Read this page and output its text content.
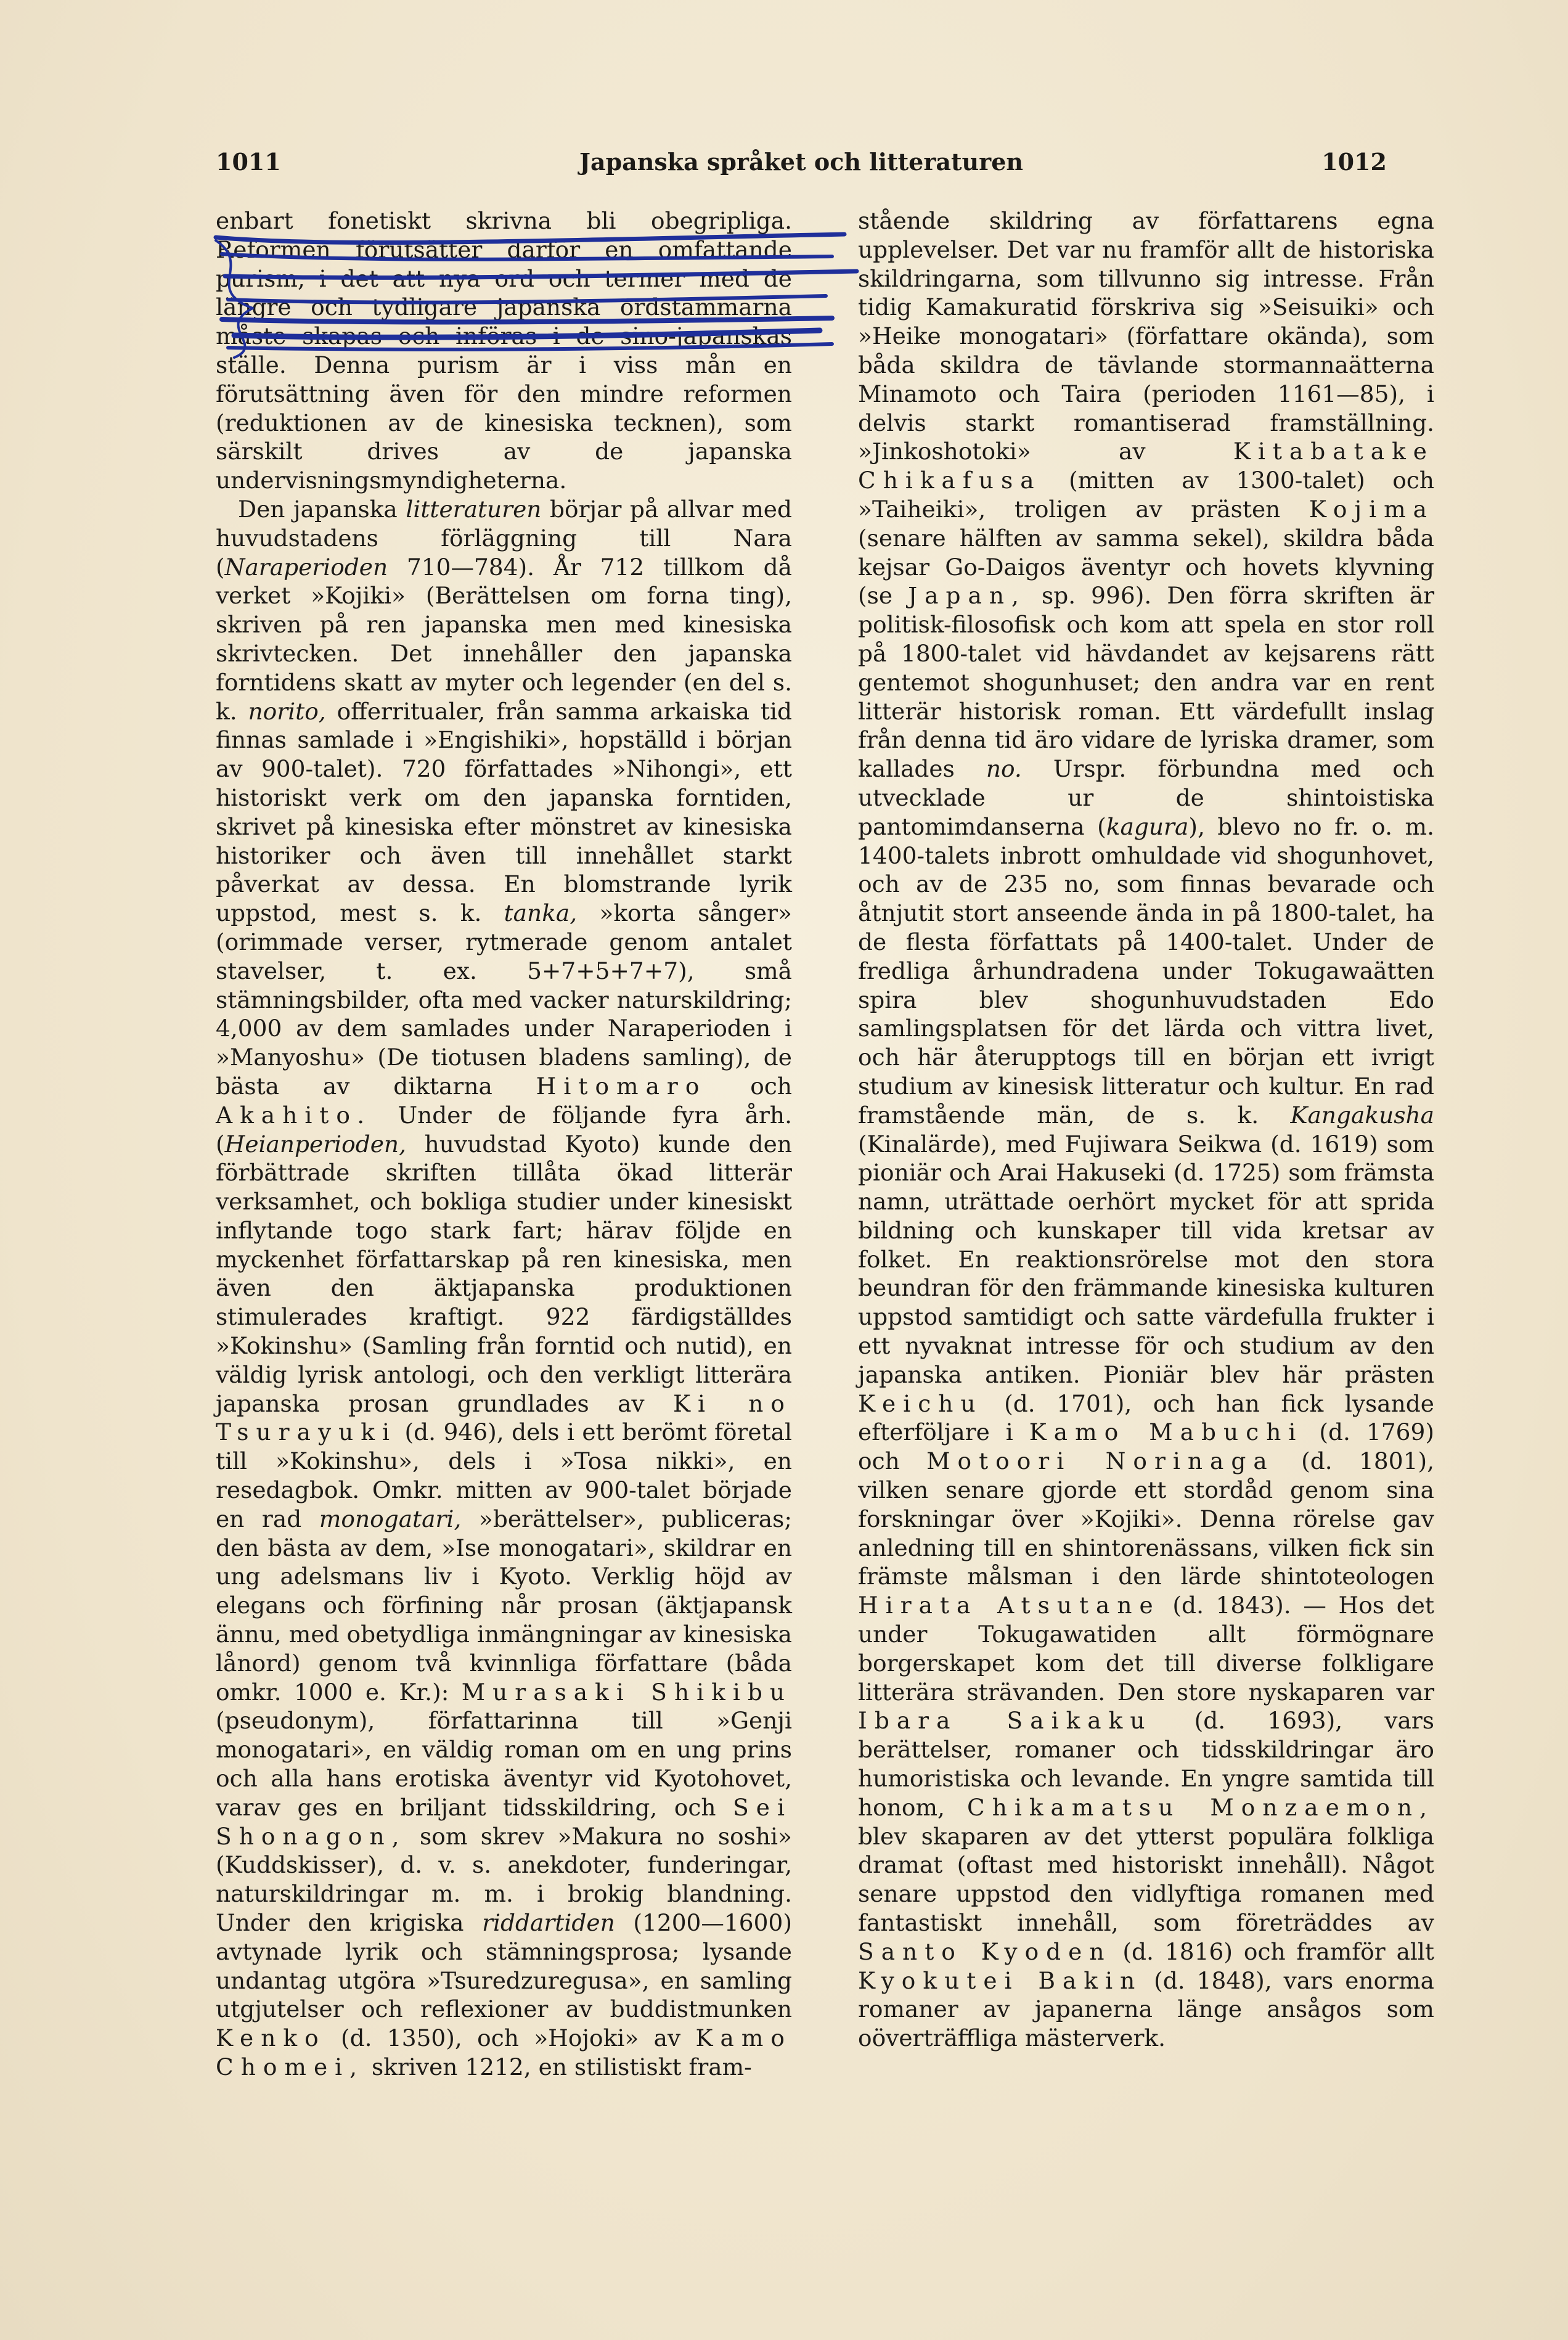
1011	Japanska språket och litteraturen	1012

enbart fonetiskt skrivna bli obegripliga. Reformen förutsätter därför en omfattande purism, i det att nya ord och termer med de längre och tydligare japanska ordstammarna måste skapas och införas i de sino-japanskas ställe. Denna purism är i viss mån en förutsättning även för den mindre reformen (reduktionen av de kinesiska tecknen), som särskilt drives av de japanska undervisningsmyndigheterna.

Den japanska litteraturen börjar på allvar med huvudstadens förläggning till Nara (Naraperioden 710—784). År 712 tillkom då verket »Kojiki» (Berättelsen om forna ting), skriven på ren japanska men med kinesiska skrivtecken. Det innehåller den japanska forntidens skatt av myter och legender (en del s. k. norito, offerritualer, från samma arkaiska tid finnas samlade i »Engishiki», hopställd i början av 900-talet). 720 författades »Nihongi», ett historiskt verk om den japanska forntiden, skrivet på kinesiska efter mönstret av kinesiska historiker och även till innehållet starkt påverkat av dessa. En blomstrande lyrik uppstod, mest s. k. tanka, »korta sånger» (orimmade verser, rytmerade genom antalet stavelser, t. ex. 5+7+5+7+7), små stämningsbilder, ofta med vacker naturskildring; 4,000 av dem samlades under Naraperioden i »Manyoshu» (De tiotusen bladens samling), de bästa av diktarna Hitomaro och Akahito. Under de följande fyra årh. (Heianperioden, huvudstad Kyoto) kunde den förbättrade skriften tillåta ökad litterär verksamhet, och bokliga studier under kinesiskt inflytande togo stark fart; härav följde en myckenhet författarskap på ren kinesiska, men även den äktjapanska produktionen stimulerades kraftigt. 922 färdigställdes »Kokinshu» (Samling från forntid och nutid), en väldig lyrisk antologi, och den verkligt litterära japanska prosan grundlades av Ki no Tsurayuki (d. 946), dels i ett berömt företal till »Kokinshu», dels i »Tosa nikki», en resedagbok. Omkr. mitten av 900-talet började en rad monogatari, »berättelser», publiceras; den bästa av dem, »Ise monogatari», skildrar en ung adelsmans liv i Kyoto. Verklig höjd av elegans och förfining når prosan (äktjapansk ännu, med obetydliga inmängningar av kinesiska lånord) genom två kvinnliga författare (båda omkr. 1000 e. Kr.): Murasaki Shikibu (pseudonym), författarinna till »Genji monogatari», en väldig roman om en ung prins och alla hans erotiska äventyr vid Kyotohovet, varav ges en briljant tidsskildring, och Sei Shonagon, som skrev »Makura no soshi» (Kuddskisser), d. v. s. anekdoter, funderingar, naturskildringar m. m. i brokig blandning. Under den krigiska riddartiden (1200—1600) avtynade lyrik och stämningsprosa; lysande undantag utgöra »Tsuredzuregusa», en samling utgjutelser och reflexioner av buddistmunken Kenko (d. 1350), och »Hojoki» av Kamo Chomei, skriven 1212, en stilistiskt fram-

stående skildring av författarens egna upplevelser. Det var nu framför allt de historiska skildringarna, som tillvunno sig intresse. Från tidig Kamakuratid förskriva sig »Seisuiki» och »Heike monogatari» (författare okända), som båda skildra de tävlande stormannaätterna Minamoto och Taira (perioden 1161—85), i delvis starkt romantiserad framställning. »Jinkoshotoki» av Kitabatake Chikafusa (mitten av 1300-talet) och »Taiheiki», troligen av prästen Kojima (senare hälften av samma sekel), skildra båda kejsar Go-Daigos äventyr och hovets klyvning (se Japan, sp. 996). Den förra skriften är politisk-filosofisk och kom att spela en stor roll på 1800-talet vid hävdandet av kejsarens rätt gentemot shogunhuset; den andra var en rent litterär historisk roman. Ett värdefullt inslag från denna tid äro vidare de lyriska dramer, som kallades no. Urspr. förbundna med och utvecklade ur de shintoistiska pantomimdanserna (kagura), blevo no fr. o. m. 1400-talets inbrott omhuldade vid shogunhovet, och av de 235 no, som finnas bevarade och åtnjutit stort anseende ända in på 1800-talet, ha de flesta författats på 1400-talet. Under de fredliga århundradena under Tokugawaätten spira blev shogunhuvudstaden Edo samlingsplatsen för det lärda och vittra livet, och här återupptogs till en början ett ivrigt studium av kinesisk litteratur och kultur. En rad framstående män, de s. k. Kangakusha (Kinalärde), med Fujiwara Seikwa (d. 1619) som pioniär och Arai Hakuseki (d. 1725) som främsta namn, uträttade oerhört mycket för att sprida bildning och kunskaper till vida kretsar av folket. En reaktionsrörelse mot den stora beundran för den främmande kinesiska kulturen uppstod samtidigt och satte värdefulla frukter i ett nyvaknat intresse för och studium av den japanska antiken. Pioniär blev här prästen Keichu (d. 1701), och han fick lysande efterföljare i Kamo Mabuchi (d. 1769) och Motoori Norinaga (d. 1801), vilken senare gjorde ett stordåd genom sina forskningar över »Kojiki». Denna rörelse gav anledning till en shintorenässans, vilken fick sin främste målsman i den lärde shintoteologen Hirata Atsutane (d. 1843). — Hos det under Tokugawatiden allt förmögnare borgerskapet kom det till diverse folkligare litterära strävanden. Den store nyskaparen var Ibara Saikaku (d. 1693), vars berättelser, romaner och tidsskildringar äro humoristiska och levande. En yngre samtida till honom, Chikamatsu Monzaemon, blev skaparen av det ytterst populära folkliga dramat (oftast med historiskt innehåll). Något senare uppstod den vidlyftiga romanen med fantastiskt innehåll, som företräddes av Santo Kyoden (d. 1816) och framför allt Kyokutei Bakin (d. 1848), vars enorma romaner av japanerna länge ansågos som oöverträffliga mästerverk.
